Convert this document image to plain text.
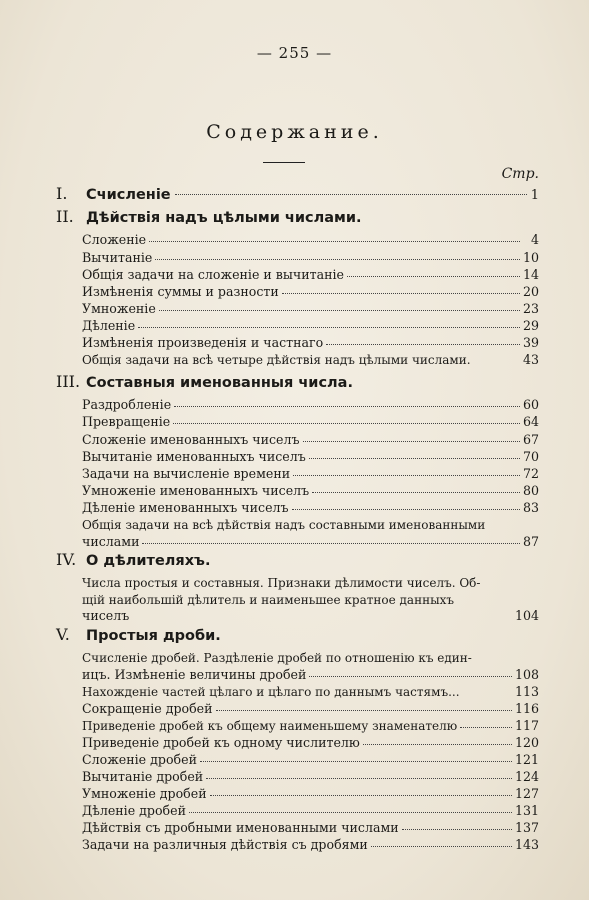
— 255 —
Содержание.
Стр.
I.	Счисленіе	1
II. Дѣйствія надъ цѣлыми числами.
Сложеніе	4
Вычитаніе	10
Общія задачи на сложеніе и вычитаніе	14
Измѣненія суммы и разности	20
Умноженіе	23
Дѣленіе	29
Измѣненія произведенія и частнаго	39
Общія задачи на всѣ четыре дѣйствія надъ цѣлыми числами.	43
III. Составныя именованныя числа.
Раздробленіе	60
Превращеніе	64
Сложеніе именованныхъ чиселъ	67
Вычитаніе именованныхъ чиселъ	70
Задачи на вычисленіе времени	72
Умноженіе именованныхъ чиселъ	80
Дѣленіе именованныхъ чиселъ	83
Общія задачи на всѣ дѣйствія надъ составными именованными
числами	87
IV. О дѣлителяхъ.
Числа простыя и составныя. Признаки дѣлимости чиселъ. Об-
щій наибольшій дѣлитель и наименьшее кратное данныхъ
чиселъ	104
V.	Простыя дроби.
Счисленіе дробей. Раздѣленіе дробей по отношенію къ един-
ицъ. Измѣненіе величины дробей	108
Нахожденіе частей цѣлаго и цѣлаго по даннымъ частямъ...	113
Сокращеніе дробей	116
Приведеніе дробей къ общему наименьшему знаменателю	117
Приведеніе дробей къ одному числителю	120
Сложеніе дробей	121
Вычитаніе дробей	124
Умноженіе дробей	127
Дѣленіе дробей	131
Дѣйствія съ дробными именованными числами	137
Задачи на различныя дѣйствія съ дробями	143
